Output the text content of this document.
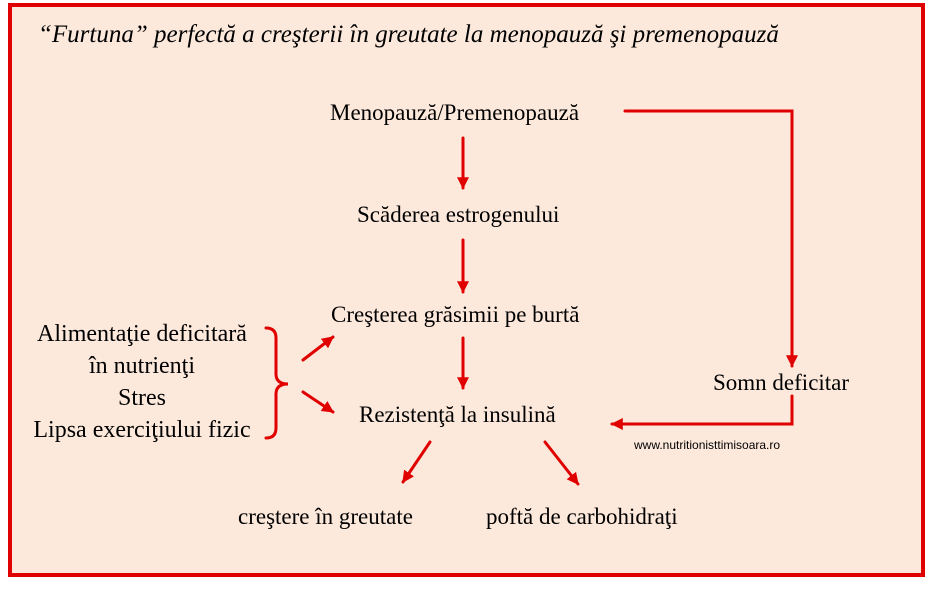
“Furtuna” perfectă a creşterii în greutate la menopauză şi premenopauză
Menopauză/Premenopauză
Scăderea estrogenului
Creşterea grăsimii pe burtă
Rezistenţă la insulină
Somn deficitar
creştere în greutate	poftă de carbohidraţi
Alimentaţie deficitară
în nutrienţi
Stres
Lipsa exerciţiului fizic
www.nutritionisttimisoara.ro
